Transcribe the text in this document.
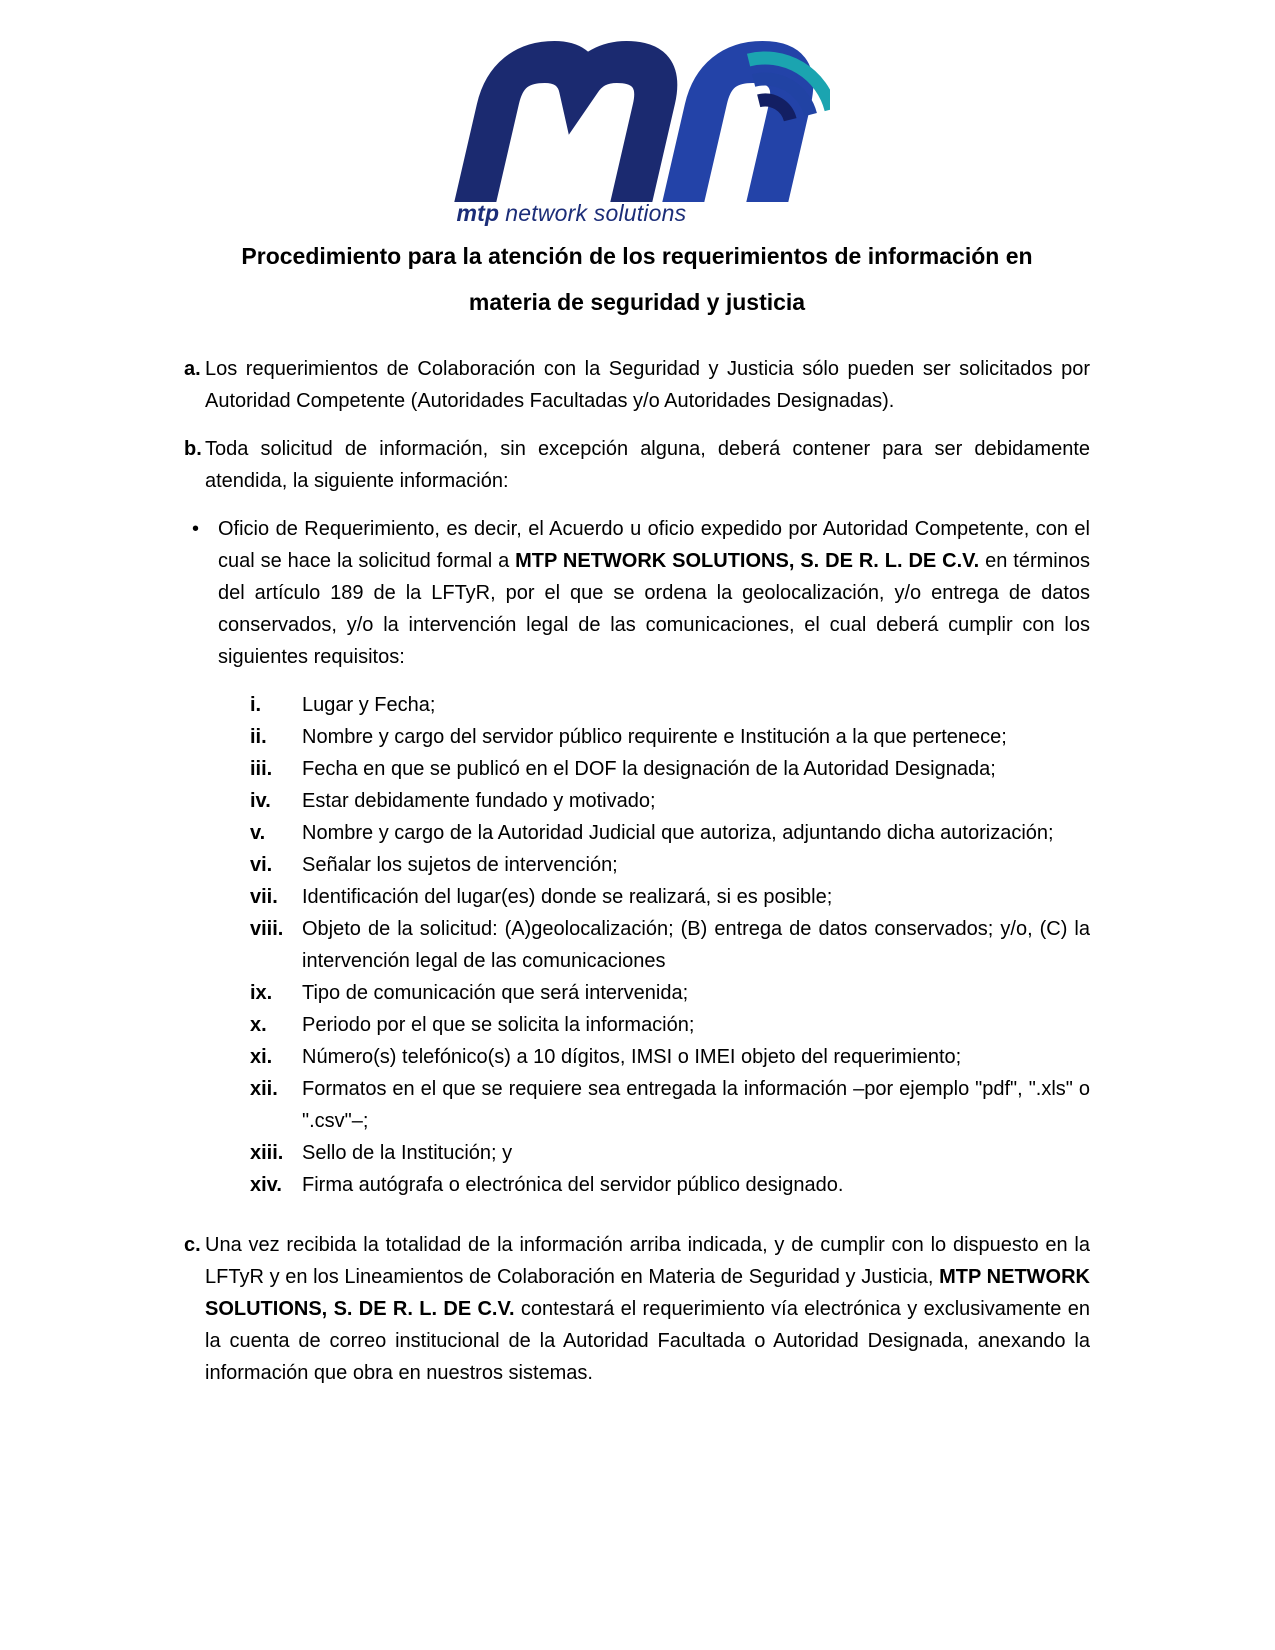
mtp network solutions
Procedimiento para la atención de los requerimientos de información en
materia de seguridad y justicia
a. Los requerimientos de Colaboración con la Seguridad y Justicia sólo pueden ser solicitados por Autoridad Competente (Autoridades Facultadas y/o Autoridades Designadas).
b. Toda solicitud de información, sin excepción alguna, deberá contener para ser debidamente atendida, la siguiente información:
• Oficio de Requerimiento, es decir, el Acuerdo u oficio expedido por Autoridad Competente, con el cual se hace la solicitud formal a MTP NETWORK SOLUTIONS, S. DE R. L. DE C.V. en términos del artículo 189 de la LFTyR, por el que se ordena la geolocalización, y/o entrega de datos conservados, y/o la intervención legal de las comunicaciones, el cual deberá cumplir con los siguientes requisitos:
i.	Lugar y Fecha;
ii.	Nombre y cargo del servidor público requirente e Institución a la que pertenece;
iii.	Fecha en que se publicó en el DOF la designación de la Autoridad Designada;
iv.	Estar debidamente fundado y motivado;
v.	Nombre y cargo de la Autoridad Judicial que autoriza, adjuntando dicha autorización;
vi.	Señalar los sujetos de intervención;
vii.	Identificación del lugar(es) donde se realizará, si es posible;
viii. Objeto de la solicitud: (A)geolocalización; (B) entrega de datos conservados; y/o, (C) la intervención legal de las comunicaciones
ix.	Tipo de comunicación que será intervenida;
x.	Periodo por el que se solicita la información;
xi.	Número(s) telefónico(s) a 10 dígitos, IMSI o IMEI objeto del requerimiento;
xii.	Formatos en el que se requiere sea entregada la información –por ejemplo "pdf", ".xls" o ".csv"–;
xiii. Sello de la Institución; y
xiv.	Firma autógrafa o electrónica del servidor público designado.
c. Una vez recibida la totalidad de la información arriba indicada, y de cumplir con lo dispuesto en la LFTyR y en los Lineamientos de Colaboración en Materia de Seguridad y Justicia, MTP NETWORK SOLUTIONS, S. DE R. L. DE C.V. contestará el requerimiento vía electrónica y exclusivamente en la cuenta de correo institucional de la Autoridad Facultada o Autoridad Designada, anexando la información que obra en nuestros sistemas.
